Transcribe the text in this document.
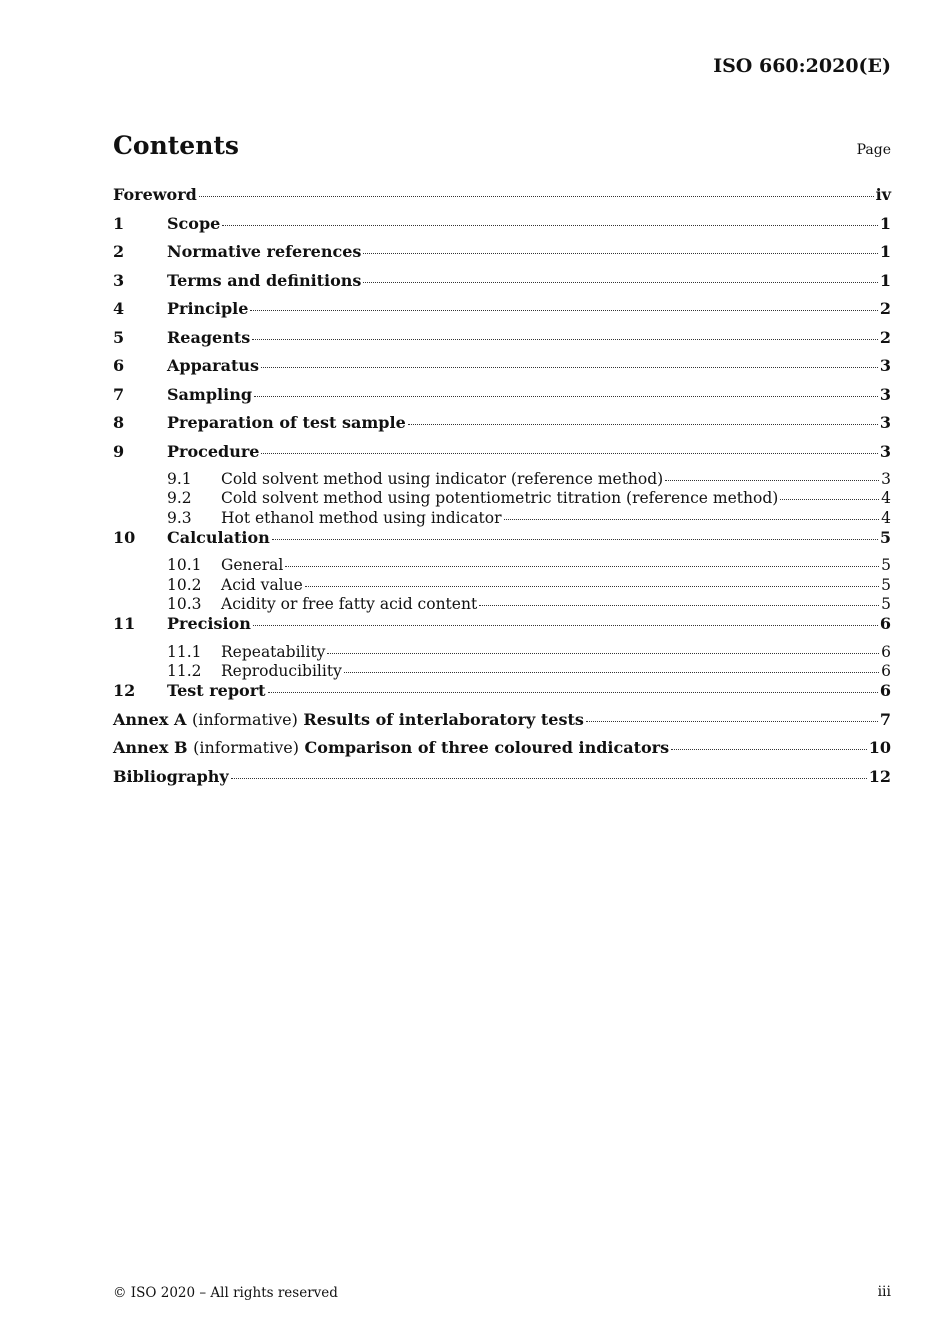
ISO 660:2020(E)
Contents	Page
Foreword	iv
1	Scope	1
2	Normative references	1
3	Terms and definitions	1
4	Principle	2
5	Reagents	2
6	Apparatus	3
7	Sampling	3
8	Preparation of test sample	3
9	Procedure	3
9.1	Cold solvent method using indicator (reference method)	3
9.2	Cold solvent method using potentiometric titration (reference method)	4
9.3	Hot ethanol method using indicator	4
10	Calculation	5
10.1	General	5
10.2	Acid value	5
10.3	Acidity or free fatty acid content	5
11	Precision	6
11.1	Repeatability	6
11.2	Reproducibility	6
12	Test report	6
Annex A (informative) Results of interlaboratory tests	7
Annex B (informative) Comparison of three coloured indicators	10
Bibliography	12
© ISO 2020 – All rights reserved	iii
